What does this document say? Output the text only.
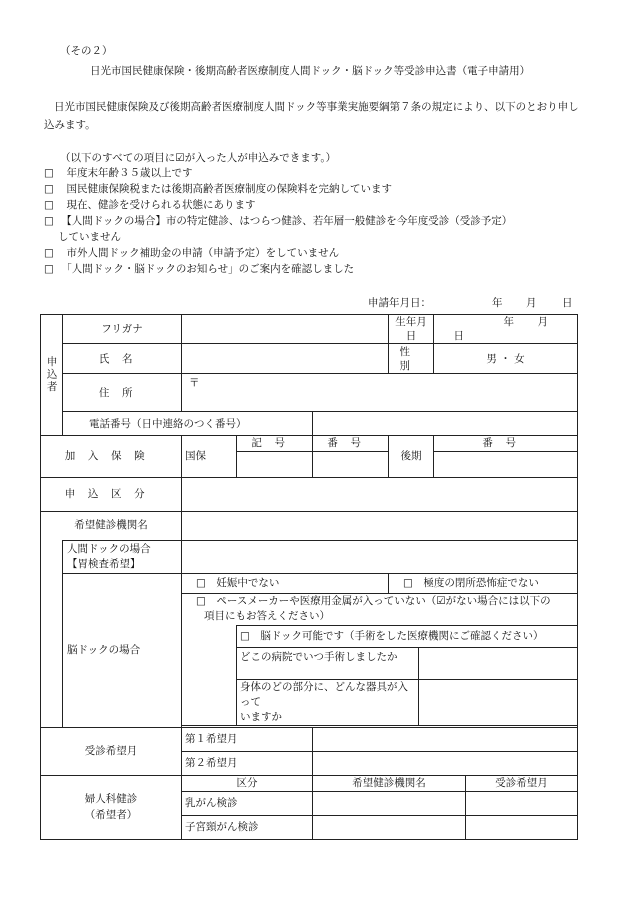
（その２）
日光市国民健康保険・後期高齢者医療制度人間ドック・脳ドック等受診申込書（電子申請用）
日光市国民健康保険及び後期高齢者医療制度人間ドック等事業実施要綱第７条の規定により、以下のとおり申し込みます。
（以下のすべての項目に☑が入った人が申込みできます。）
□　 年度末年齢３５歳以上です
□　 国民健康保険税または後期高齢者医療制度の保険料を完納しています
□　 現在、健診を受けられる状態にあります
□　 【人間ドックの場合】市の特定健診、はつらつ健診、若年層一般健診を今年度受診（受診予定）
していません
□　 市外人間ドック補助金の申請（申請予定）をしていません
□　 「人間ドック・脳ドックのお知らせ」のご案内を確認しました
申請年月日：	年 月 日
申込者	フリガナ				生年月日		年 月日	
	氏名				性別		男 ・ 女	
	住所	〒						
	電話番号（日中連絡のつく番号）							
加入保険		国保	記号	番号	後期		番号	

申込区分								
希望健診機関名								

	人間ドックの場合
【胃検査希望】							

	脳ドックの場合	□　妊娠中でない			□　極度の閉所恐怖症でない			

		□　ペースメーカーや医療用金属が入っていない（☑がない場合には以下の
項目にもお答えください）						

			□　脳ドック可能です（手術をした医療機関にご確認ください）					
			どこの病院でいつ手術しましたか					

			身体のどの部分に、どんな器具が入って
いますか					

受診希望月		第１希望月						
		第２希望月						

婦人科健診
（希望者）		区分		希望健診機関名				受診希望月
		乳がん検診						
		子宮頸がん検診						
